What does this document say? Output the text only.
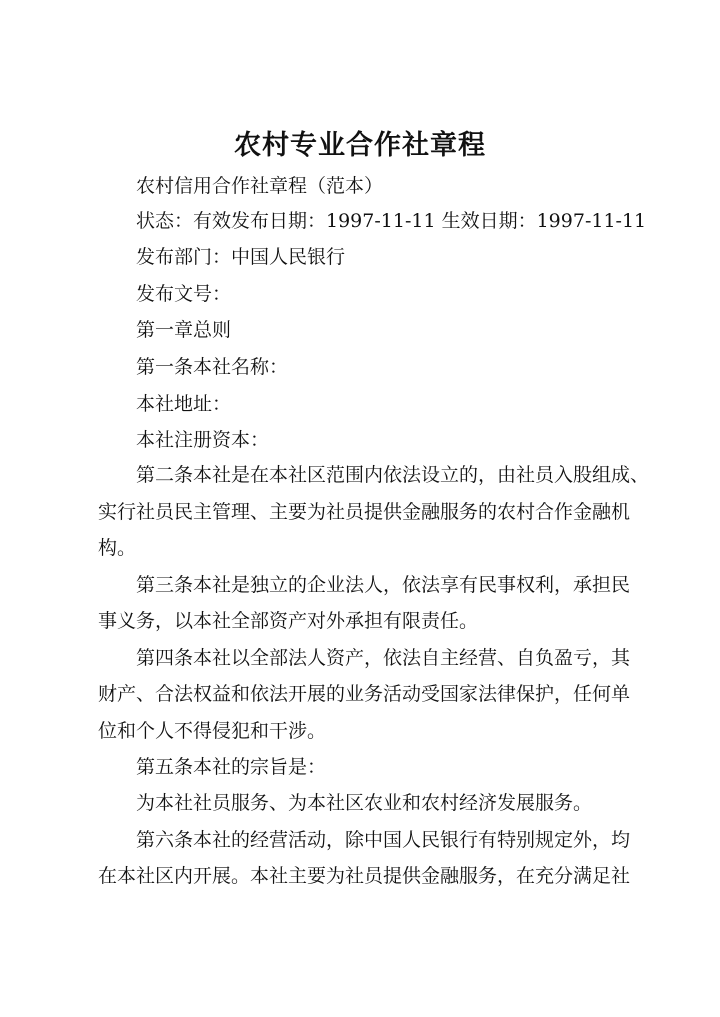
农村专业合作社章程
农村信用合作社章程（范本）
状态：有效发布日期：1997-11-11 生效日期：1997-11-11
发布部门：中国人民银行
发布文号：
第一章总则
第一条本社名称：
本社地址：
本社注册资本：
第二条本社是在本社区范围内依法设立的，由社员入股组成、
实行社员民主管理、主要为社员提供金融服务的农村合作金融机
构。
第三条本社是独立的企业法人，依法享有民事权利，承担民
事义务，以本社全部资产对外承担有限责任。
第四条本社以全部法人资产，依法自主经营、自负盈亏，其
财产、合法权益和依法开展的业务活动受国家法律保护，任何单
位和个人不得侵犯和干涉。
第五条本社的宗旨是：
为本社社员服务、为本社区农业和农村经济发展服务。
第六条本社的经营活动，除中国人民银行有特别规定外，均
在本社区内开展。本社主要为社员提供金融服务，在充分满足社
